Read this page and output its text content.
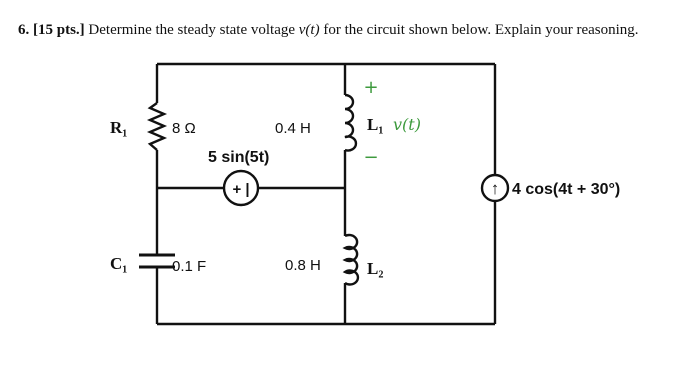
6. [15 pts.] Determine the steady state voltage v(t) for the circuit shown below. Explain your reasoning.
+ |	↑
R₁	8 Ω
C₁	0.1 F
0.4 H	L₁
0.8 H	L₂
5 sin(5t)
4 cos(4t + 30°)
+
−
v(t)
